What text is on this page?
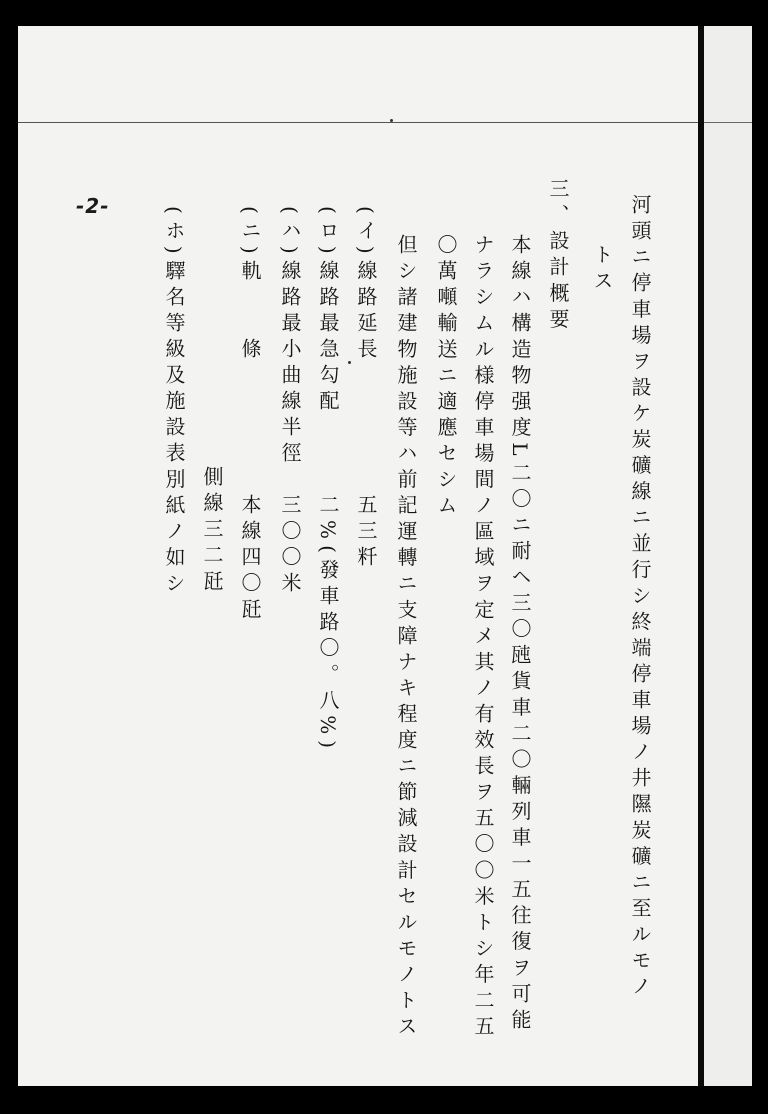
-2-	河頭ニ停車場ヲ設ケ炭礦線ニ並行シ終端停車場ノ井隰炭礦ニ至ルモノ
トス
三、設計概要
本線ハ構造物强度L二〇ニ耐ヘ三〇瓲貨車二〇輛列車一五往復ヲ可能
ナラシムル様停車場間ノ區域ヲ定メ其ノ有效長ヲ五〇〇米トシ年二五
〇萬噸輸送ニ適應セシム
但シ諸建物施設等ハ前記運轉ニ支障ナキ程度ニ節減設計セルモノトス
(イ)線路延長
五三粁
(ロ)線路最急勾配
二%(發車路〇。八%)
(ハ)線路最小曲線半徑
三〇〇米
(ニ)軌　　條
本線四〇瓩
側線三二瓩
(ホ)驛名等級及施設表別紙ノ如シ
